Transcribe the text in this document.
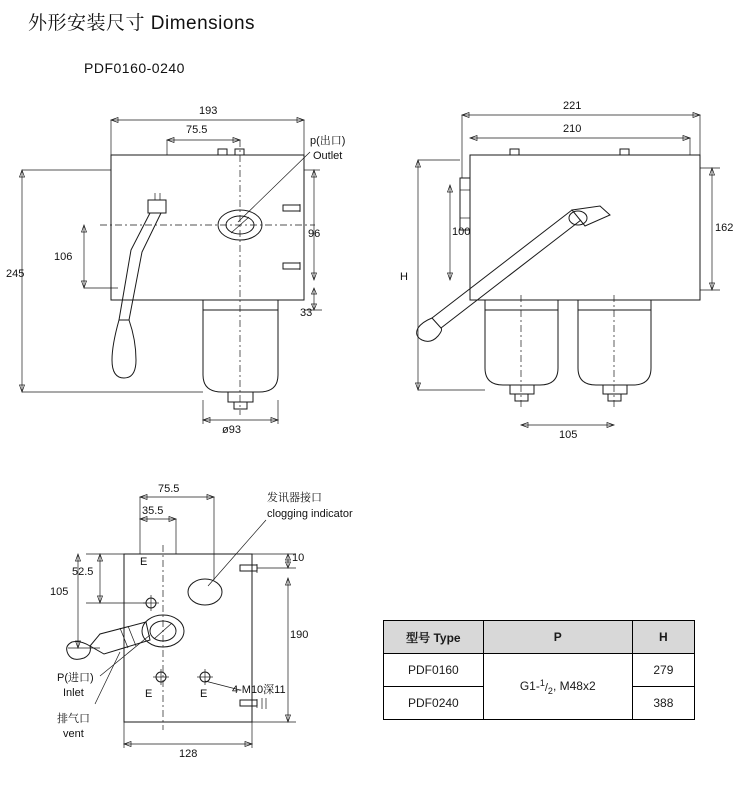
外形安装尺寸 Dimensions
PDF0160-0240
193
75.5
96
245
106
33
ø93
p(出口)
Outlet
221
210
162
100
H
105
75.5
35.5
52.5
105
10
190
128
发讯器接口
clogging indicator
P(进口)
Inlet
排气口
vent
4-M10深11
E
E	E
型号 Type	P	H
PDF0160	$G1-^1/_2$, M48x2	279
PDF0240		388
